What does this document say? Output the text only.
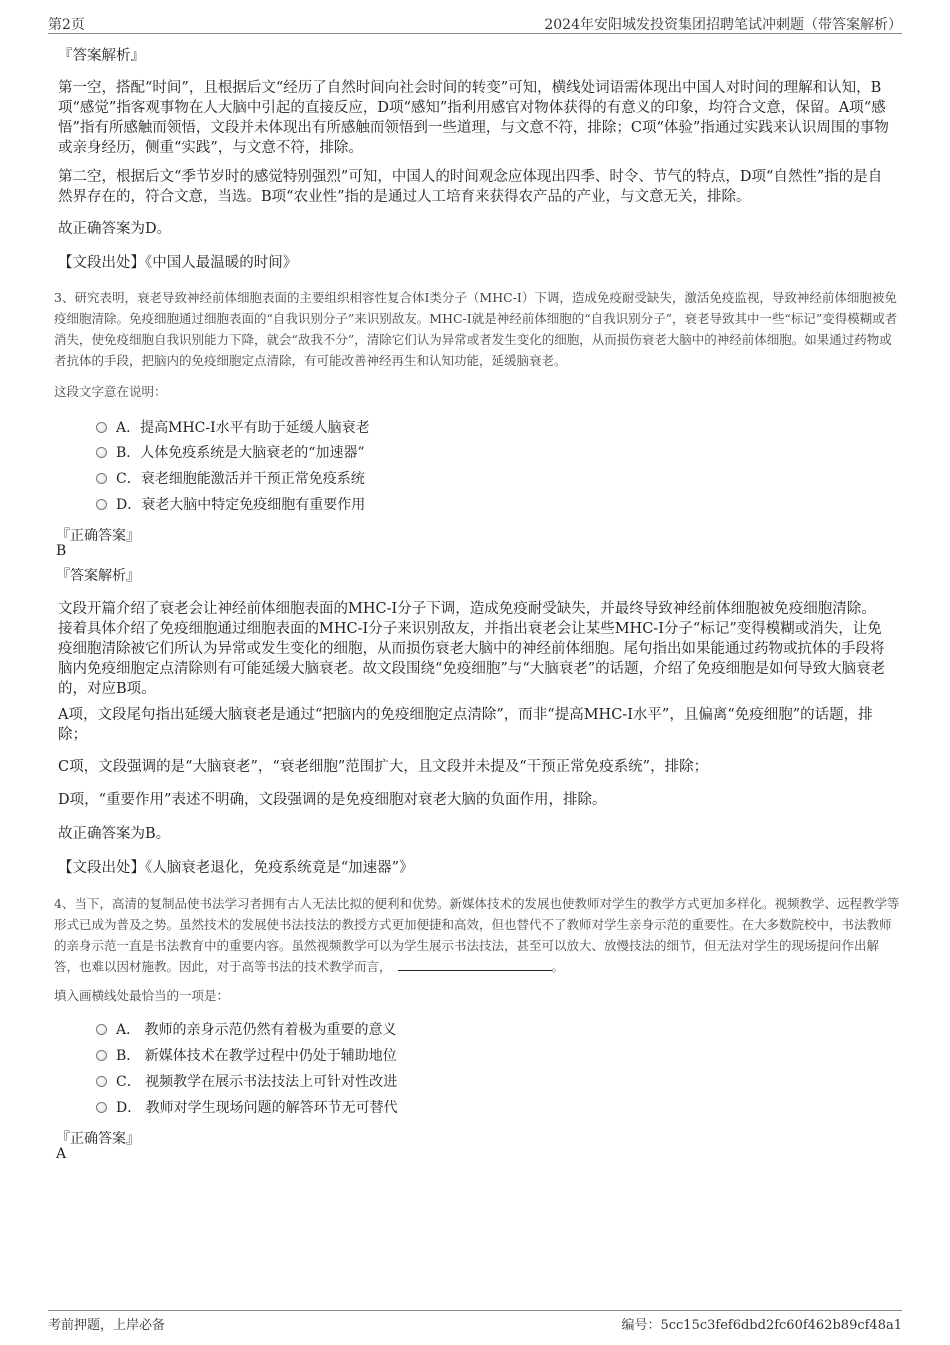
第2页	2024年安阳城发投资集团招聘笔试冲刺题（带答案解析）
『答案解析』
第一空，搭配“时间”，且根据后文“经历了自然时间向社会时间的转变”可知，横线处词语需体现出中国人对时间的理解和认知，B项“感觉”指客观事物在人大脑中引起的直接反应，D项“感知”指利用感官对物体获得的有意义的印象，均符合文意，保留。A项“感悟”指有所感触而领悟，文段并未体现出有所感触而领悟到一些道理，与文意不符，排除；C项“体验”指通过实践来认识周围的事物或亲身经历，侧重“实践”，与文意不符，排除。
第二空，根据后文“季节岁时的感觉特别强烈”可知，中国人的时间观念应体现出四季、时令、节气的特点，D项“自然性”指的是自然界存在的，符合文意，当选。B项“农业性”指的是通过人工培育来获得农产品的产业，与文意无关，排除。
故正确答案为D。
【文段出处】《中国人最温暖的时间》
3、研究表明，衰老导致神经前体细胞表面的主要组织相容性复合体I类分子（MHC-I）下调，造成免疫耐受缺失，激活免疫监视，导致神经前体细胞被免疫细胞清除。免疫细胞通过细胞表面的“自我识别分子”来识别敌友。MHC-I就是神经前体细胞的“自我识别分子”，衰老导致其中一些“标记”变得模糊或者消失，使免疫细胞自我识别能力下降，就会“敌我不分”，清除它们认为异常或者发生变化的细胞，从而损伤衰老大脑中的神经前体细胞。如果通过药物或者抗体的手段，把脑内的免疫细胞定点清除，有可能改善神经再生和认知功能，延缓脑衰老。
这段文字意在说明：
A．提高MHC-I水平有助于延缓人脑衰老
B．人体免疫系统是大脑衰老的“加速器”
C．衰老细胞能激活并干预正常免疫系统
D．衰老大脑中特定免疫细胞有重要作用
『正确答案』
B
『答案解析』
文段开篇介绍了衰老会让神经前体细胞表面的MHC-I分子下调，造成免疫耐受缺失，并最终导致神经前体细胞被免疫细胞清除。接着具体介绍了免疫细胞通过细胞表面的MHC-I分子来识别敌友，并指出衰老会让某些MHC-I分子“标记”变得模糊或消失，让免疫细胞清除被它们所认为异常或发生变化的细胞，从而损伤衰老大脑中的神经前体细胞。尾句指出如果能通过药物或抗体的手段将脑内免疫细胞定点清除则有可能延缓大脑衰老。故文段围绕“免疫细胞”与“大脑衰老”的话题，介绍了免疫细胞是如何导致大脑衰老的，对应B项。
A项，文段尾句指出延缓大脑衰老是通过“把脑内的免疫细胞定点清除”，而非“提高MHC-I水平”，且偏离“免疫细胞”的话题，排除；
C项，文段强调的是“大脑衰老”，“衰老细胞”范围扩大，且文段并未提及“干预正常免疫系统”，排除；
D项，“重要作用”表述不明确，文段强调的是免疫细胞对衰老大脑的负面作用，排除。
故正确答案为B。
【文段出处】《人脑衰老退化，免疫系统竟是“加速器”》
4、当下，高清的复制品使书法学习者拥有古人无法比拟的便利和优势。新媒体技术的发展也使教师对学生的教学方式更加多样化。视频教学、远程教学等形式已成为普及之势。虽然技术的发展使书法技法的教授方式更加便捷和高效，但也替代不了教师对学生亲身示范的重要性。在大多数院校中，书法教师的亲身示范一直是书法教育中的重要内容。虽然视频教学可以为学生展示书法技法，甚至可以放大、放慢技法的细节，但无法对学生的现场提问作出解答，也难以因材施教。因此，对于高等书法的技术教学而言，	。
填入画横线处最恰当的一项是：
A． 教师的亲身示范仍然有着极为重要的意义
B． 新媒体技术在教学过程中仍处于辅助地位
C． 视频教学在展示书法技法上可针对性改进
D． 教师对学生现场问题的解答环节无可替代
『正确答案』
A
考前押题，上岸必备	编号：5cc15c3fef6dbd2fc60f462b89cf48a1
